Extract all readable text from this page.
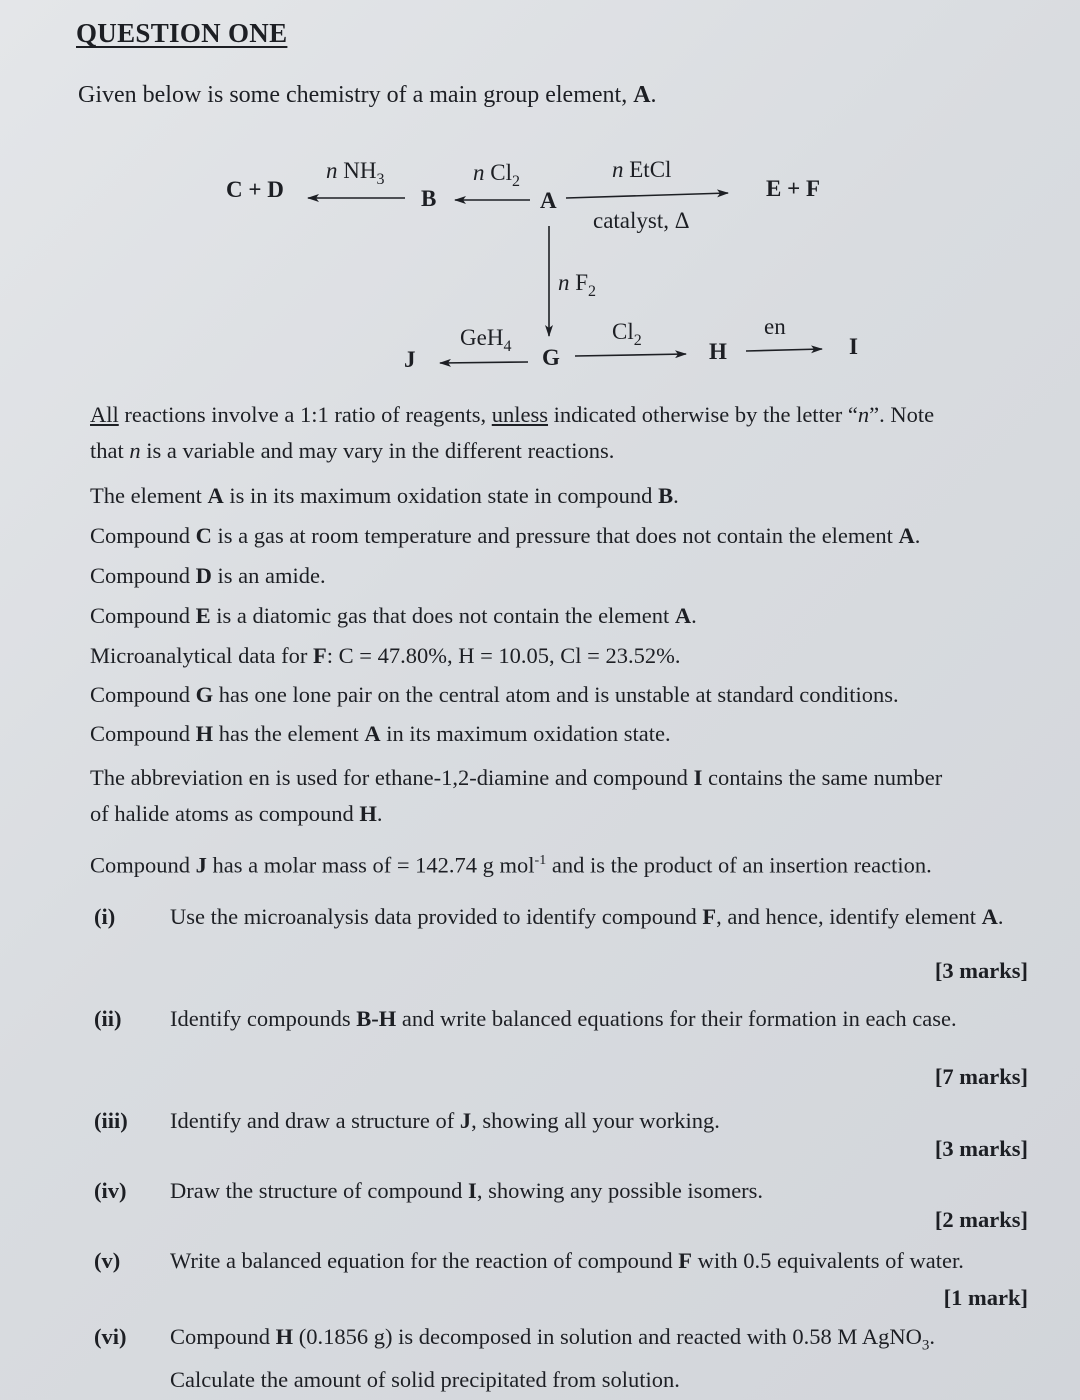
QUESTION ONE
Given below is some chemistry of a main group element, A.
C + D	B	A	E + F
J	G	H	I
n $NH_3$	n $Cl_2$	n EtCl
catalyst, Δ
n $F_2$
GeH$_4$
$Cl_2$
en
All reactions involve a 1:1 ratio of reagents, unless indicated otherwise by the letter “n”. Note
that n is a variable and may vary in the different reactions.
The element A is in its maximum oxidation state in compound B.
Compound C is a gas at room temperature and pressure that does not contain the element A.
Compound D is an amide.
Compound E is a diatomic gas that does not contain the element A.
Microanalytical data for F: C = 47.80%, H = 10.05, Cl = 23.52%.
Compound G has one lone pair on the central atom and is unstable at standard conditions.
Compound H has the element A in its maximum oxidation state.
The abbreviation en is used for ethane-1,2-diamine and compound I contains the same number
of halide atoms as compound H.
Compound J has a molar mass of = 142.74 g mol$^{-1}$ and is the product of an insertion reaction.
(i)	Use the microanalysis data provided to identify compound F, and hence, identify element A.
[3 marks]
(ii)	Identify compounds B-H and write balanced equations for their formation in each case.
[7 marks]
(iii)	Identify and draw a structure of J, showing all your working.
[3 marks]
(iv)	Draw the structure of compound I, showing any possible isomers.
[2 marks]
(v)	Write a balanced equation for the reaction of compound F with 0.5 equivalents of water.
[1 mark]
(vi)	Compound H (0.1856 g) is decomposed in solution and reacted with 0.58 M AgNO$_3$.
Calculate the amount of solid precipitated from solution.
